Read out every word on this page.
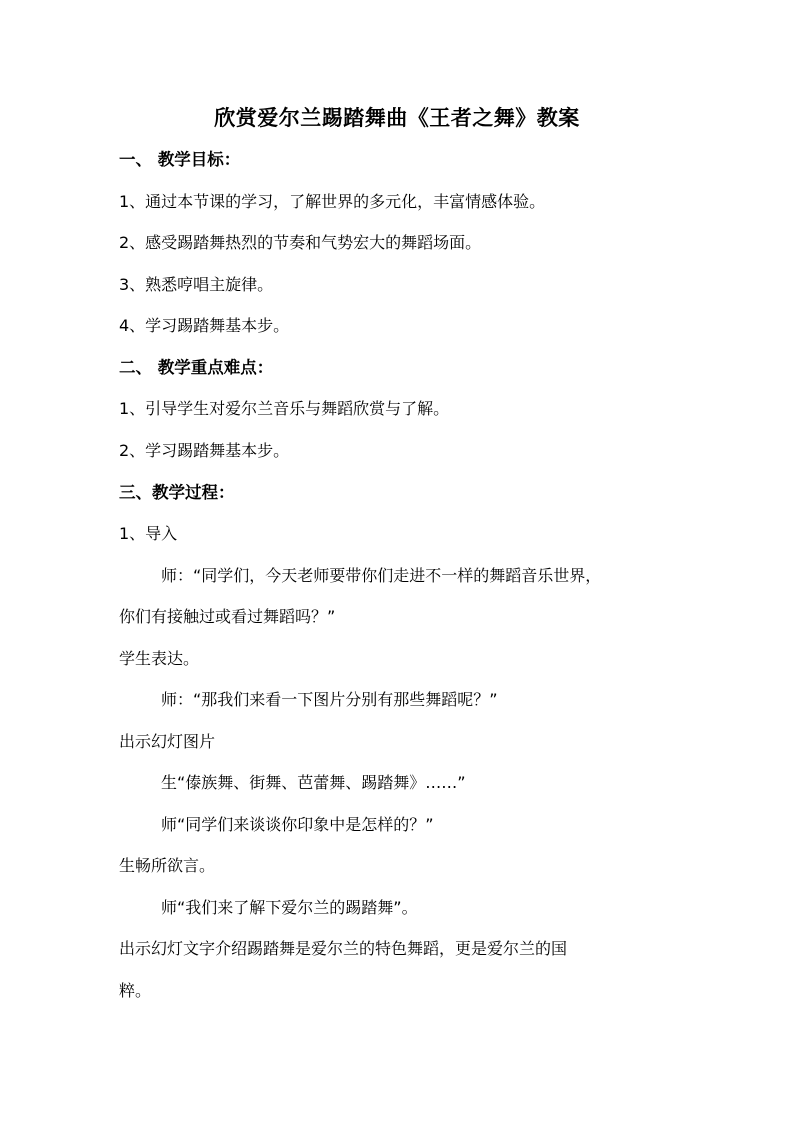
欣赏爱尔兰踢踏舞曲《王者之舞》教案
一、 教学目标：
1、通过本节课的学习，了解世界的多元化，丰富情感体验。
2、感受踢踏舞热烈的节奏和气势宏大的舞蹈场面。
3、熟悉哼唱主旋律。
4、学习踢踏舞基本步。
二、 教学重点难点：
1、引导学生对爱尔兰音乐与舞蹈欣赏与了解。
2、学习踢踏舞基本步。
三、教学过程：
1、导入
师：“同学们，今天老师要带你们走进不一样的舞蹈音乐世界，
你们有接触过或看过舞蹈吗？”
学生表达。
师：“那我们来看一下图片分别有那些舞蹈呢？”
出示幻灯图片
生“傣族舞、街舞、芭蕾舞、踢踏舞》……”
师“同学们来谈谈你印象中是怎样的？”
生畅所欲言。
师“我们来了解下爱尔兰的踢踏舞”。
出示幻灯文字介绍踢踏舞是爱尔兰的特色舞蹈，更是爱尔兰的国
粹。
